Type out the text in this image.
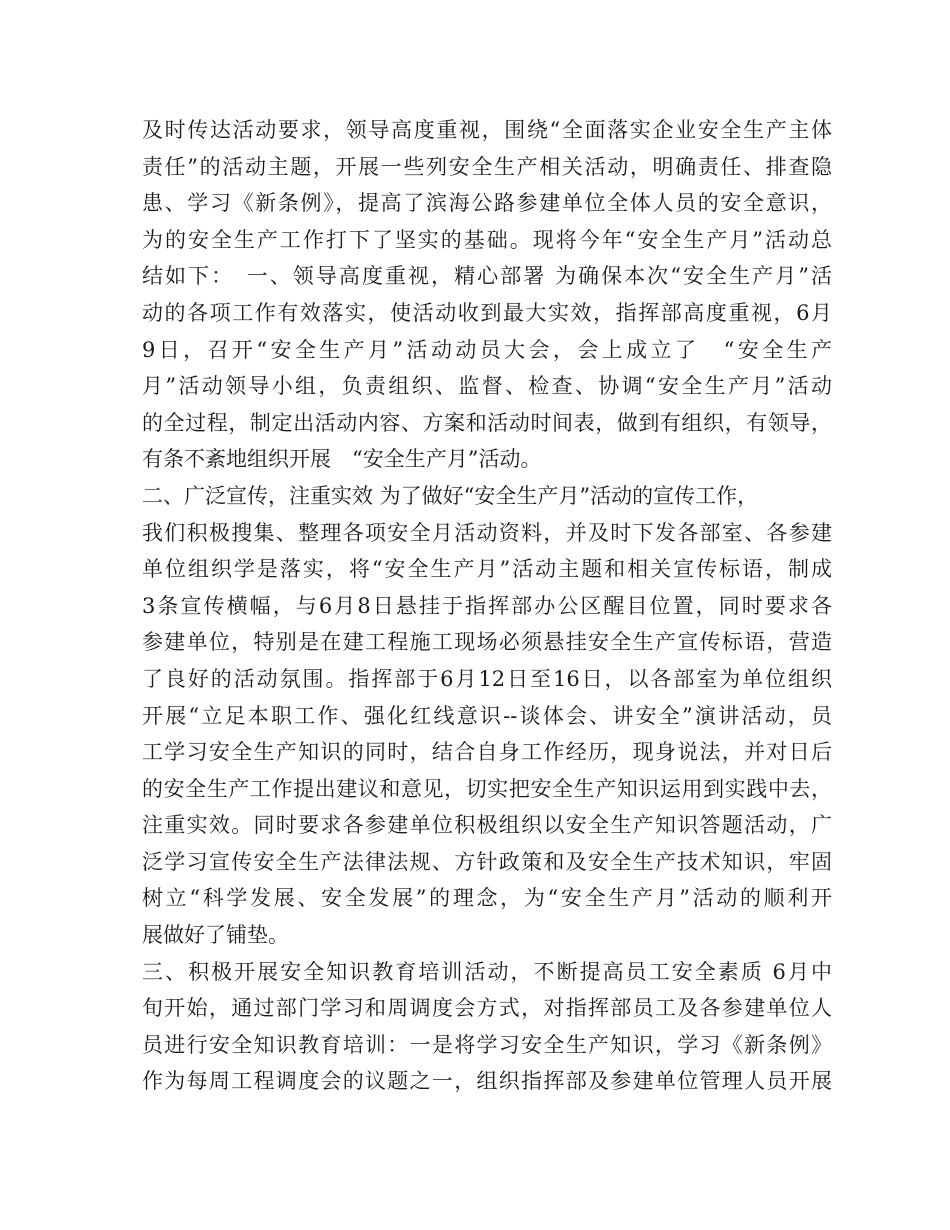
及时传达活动要求，领导高度重视，围绕“全面落实企业安全生产主体
责任”的活动主题，开展一些列安全生产相关活动，明确责任、排查隐
患、学习《新条例》，提高了滨海公路参建单位全体人员的安全意识，
为的安全生产工作打下了坚实的基础。现将今年“安全生产月”活动总
结如下：　一、领导高度重视，精心部署 为确保本次“安全生产月”活
动的各项工作有效落实，使活动收到最大实效，指挥部高度重视，6月
9日，召开“安全生产月”活动动员大会，会上成立了　“安全生产
月”活动领导小组，负责组织、监督、检查、协调“安全生产月”活动
的全过程，制定出活动内容、方案和活动时间表，做到有组织，有领导，
有条不紊地组织开展　“安全生产月”活动。
二、广泛宣传，注重实效 为了做好“安全生产月”活动的宣传工作，
我们积极搜集、整理各项安全月活动资料，并及时下发各部室、各参建
单位组织学是落实，将“安全生产月”活动主题和相关宣传标语，制成
3条宣传横幅，与6月8日悬挂于指挥部办公区醒目位置，同时要求各
参建单位，特别是在建工程施工现场必须悬挂安全生产宣传标语，营造
了良好的活动氛围。指挥部于6月12日至16日，以各部室为单位组织
开展“立足本职工作、强化红线意识--谈体会、讲安全”演讲活动，员
工学习安全生产知识的同时，结合自身工作经历，现身说法，并对日后
的安全生产工作提出建议和意见，切实把安全生产知识运用到实践中去，
注重实效。同时要求各参建单位积极组织以安全生产知识答题活动，广
泛学习宣传安全生产法律法规、方针政策和及安全生产技术知识，牢固
树立“科学发展、安全发展”的理念，为“安全生产月”活动的顺利开
展做好了铺垫。
三、积极开展安全知识教育培训活动，不断提高员工安全素质 6月中
旬开始，通过部门学习和周调度会方式，对指挥部员工及各参建单位人
员进行安全知识教育培训：一是将学习安全生产知识，学习《新条例》
作为每周工程调度会的议题之一，组织指挥部及参建单位管理人员开展
